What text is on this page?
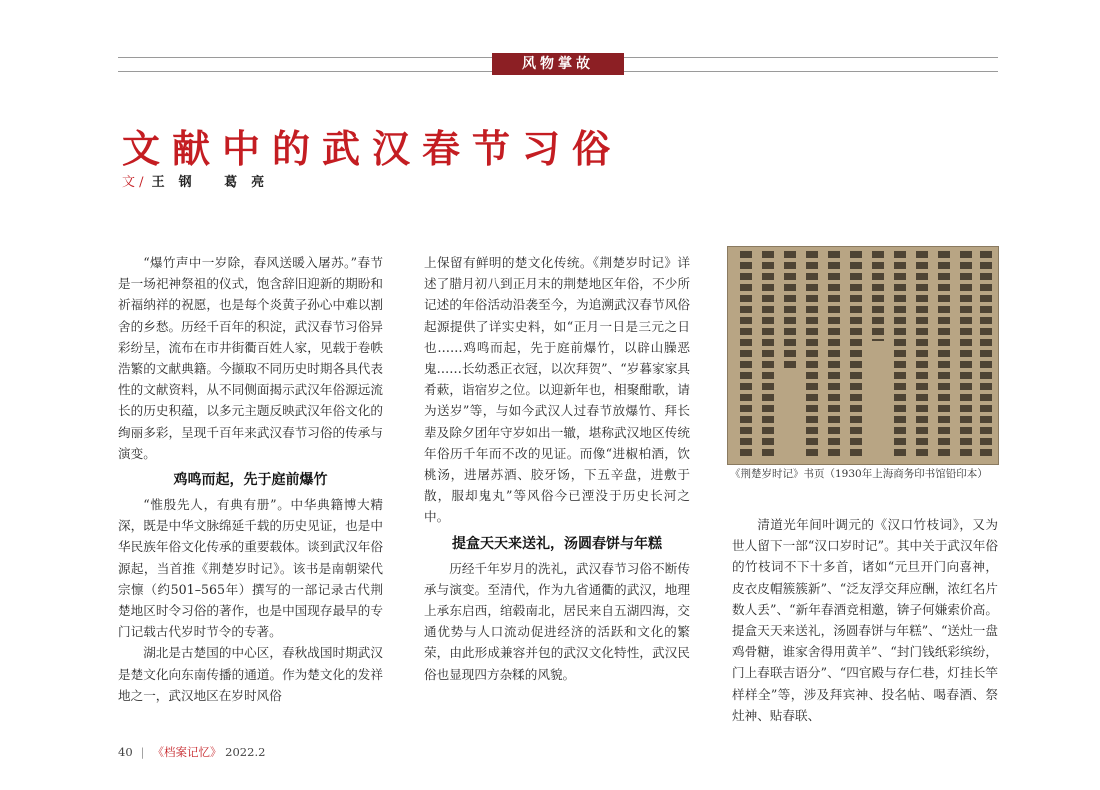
风物掌故
文献中的武汉春节习俗
文 / 王钢 葛亮

“爆竹声中一岁除，春风送暖入屠苏。”春节是一场祀神祭祖的仪式，饱含辞旧迎新的期盼和祈福纳祥的祝愿，也是每个炎黄子孙心中难以割舍的乡愁。历经千百年的积淀，武汉春节习俗异彩纷呈，流布在市井街衢百姓人家，见载于卷帙浩繁的文献典籍。今撷取不同历史时期各具代表性的文献资料，从不同侧面揭示武汉年俗源远流长的历史积蕴，以多元主题反映武汉年俗文化的绚丽多彩，呈现千百年来武汉春节习俗的传承与演变。

鸡鸣而起，先于庭前爆竹

“惟殷先人，有典有册”。中华典籍博大精深，既是中华文脉绵延千载的历史见证，也是中华民族年俗文化传承的重要载体。谈到武汉年俗源起，当首推《荆楚岁时记》。该书是南朝梁代宗懔（约501–565年）撰写的一部记录古代荆楚地区时令习俗的著作，也是中国现存最早的专门记载古代岁时节令的专著。

湖北是古楚国的中心区，春秋战国时期武汉是楚文化向东南传播的通道。作为楚文化的发祥地之一，武汉地区在岁时风俗

上保留有鲜明的楚文化传统。《荆楚岁时记》详述了腊月初八到正月末的荆楚地区年俗，不少所记述的年俗活动沿袭至今，为追溯武汉春节风俗起源提供了详实史料，如“正月一日是三元之日也……鸡鸣而起，先于庭前爆竹，以辟山臊恶鬼……长幼悉正衣冠，以次拜贺”、“岁暮家家具肴蔌，诣宿岁之位。以迎新年也，相聚酣歌，请为送岁”等，与如今武汉人过春节放爆竹、拜长辈及除夕团年守岁如出一辙，堪称武汉地区传统年俗历千年而不改的见证。而像“进椒柏酒，饮桃汤，进屠苏酒、胶牙饧，下五辛盘，进敷于散，服却鬼丸”等风俗今已湮没于历史长河之中。

提盒天天来送礼，汤圆春饼与年糕

历经千年岁月的洗礼，武汉春节习俗不断传承与演变。至清代，作为九省通衢的武汉，地理上承东启西，绾毂南北，居民来自五湖四海，交通优势与人口流动促进经济的活跃和文化的繁荣，由此形成兼容并包的武汉文化特性，武汉民俗也显现四方杂糅的风貌。

《荆楚岁时记》书页（1930年上海商务印书馆铅印本）

清道光年间叶调元的《汉口竹枝词》，又为世人留下一部“汉口岁时记”。其中关于武汉年俗的竹枝词不下十多首，诸如“元旦开门向喜神，皮衣皮帽簇簇新”、“泛友浮交拜应酬，浓红名片数人丢”、“新年春酒竞相邀，锛子何嫌索价高。提盒天天来送礼，汤圆春饼与年糕”、“送灶一盘鸡骨糖，谁家舍得用黄羊”、“封门钱纸彩缤纷，门上春联吉语分”、“四官殿与存仁巷，灯挂长竿样样全”等，涉及拜宾神、投名帖、喝春酒、祭灶神、贴春联、

40 | 《档案记忆》 2022.2
